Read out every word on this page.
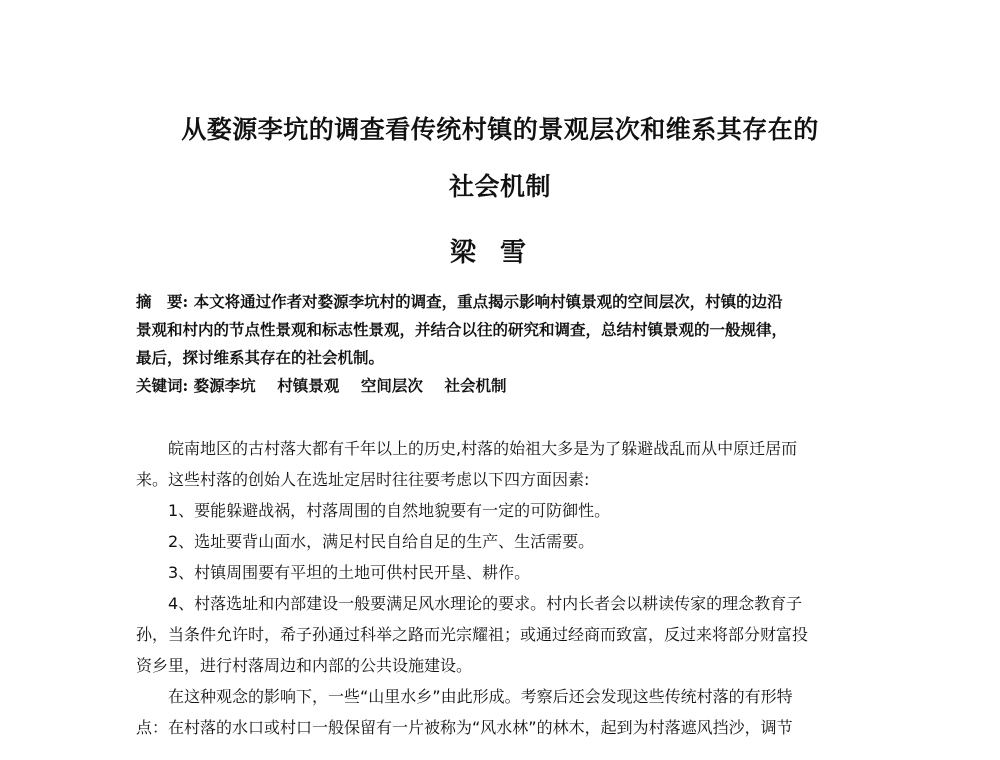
从婺源李坑的调查看传统村镇的景观层次和维系其存在的
社会机制
梁雪
摘　要: 本文将通过作者对婺源李坑村的调查，重点揭示影响村镇景观的空间层次，村镇的边沿
景观和村内的节点性景观和标志性景观，并结合以往的研究和调查，总结村镇景观的一般规律，
最后，探讨维系其存在的社会机制。
关键词: 婺源李坑 村镇景观 空间层次 社会机制
　　皖南地区的古村落大都有千年以上的历史,村落的始祖大多是为了躲避战乱而从中原迁居而
来。这些村落的创始人在选址定居时往往要考虑以下四方面因素:
　　1、要能躲避战祸，村落周围的自然地貌要有一定的可防御性。
　　2、选址要背山面水，满足村民自给自足的生产、生活需要。
　　3、村镇周围要有平坦的土地可供村民开垦、耕作。
　　4、村落选址和内部建设一般要满足风水理论的要求。村内长者会以耕读传家的理念教育子
孙，当条件允许时，希子孙通过科举之路而光宗耀祖；或通过经商而致富，反过来将部分财富投
资乡里，进行村落周边和内部的公共设施建设。
　　在这种观念的影响下，一些“山里水乡”由此形成。考察后还会发现这些传统村落的有形特
点：在村落的水口或村口一般保留有一片被称为“风水林”的林木，起到为村落遮风挡沙，调节
